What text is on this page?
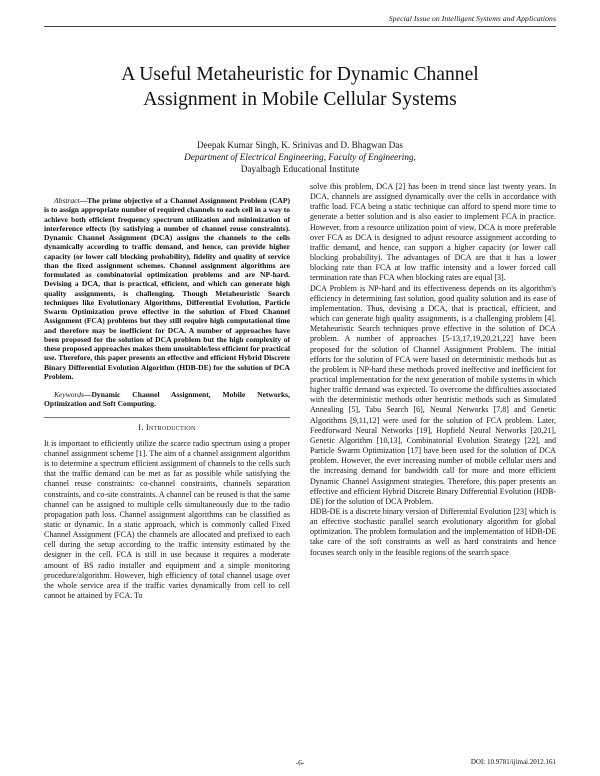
Special Issue on Intelligent Systems and Applications
A Useful Metaheuristic for Dynamic Channel
Assignment in Mobile Cellular Systems
Deepak Kumar Singh, K. Srinivas and D. Bhagwan Das
Department of Electrical Engineering, Faculty of Engineering,
Dayalbagh Educational Institute

Abstract—The prime objective of a Channel Assignment Problem (CAP) is to assign appropriate number of required channels to each cell in a way to achieve both efficient frequency spectrum utilization and minimization of interference effects (by satisfying a number of channel reuse constraints). Dynamic Channel Assignment (DCA) assigns the channels to the cells dynamically according to traffic demand, and hence, can provide higher capacity (or lower call blocking probability), fidelity and quality of service than the fixed assignment schemes. Channel assignment algorithms are formulated as combinatorial optimization problems and are NP-hard. Devising a DCA, that is practical, efficient, and which can generate high quality assignments, is challenging. Though Metaheuristic Search techniques like Evolutionary Algorithms, Differential Evolution, Particle Swarm Optimization prove effective in the solution of Fixed Channel Assignment (FCA) problems but they still require high computational time and therefore may be inefficient for DCA. A number of approaches have been proposed for the solution of DCA problem but the high complexity of these proposed approaches makes them unsuitable/less efficient for practical use. Therefore, this paper presents an effective and efficient Hybrid Discrete Binary Differential Evolution Algorithm (HDB-DE) for the solution of DCA Problem.

Keywords—Dynamic Channel Assignment, Mobile Networks, Optimization and Soft Computing.

I. Introduction

It is important to efficiently utilize the scarce radio spectrum using a proper channel assignment scheme [1]. The aim of a channel assignment algorithm is to determine a spectrum efficient assignment of channels to the cells such that the traffic demand can be met as far as possible while satisfying the channel reuse constraints: co-channel constraints, channels separation constraints, and co-site constraints. A channel can be reused is that the same channel can be assigned to multiple cells simultaneously due to the radio propagation path loss. Channel assignment algorithms can be classified as static or dynamic. In a static approach, which is commonly called Fixed Channel Assignment (FCA) the channels are allocated and prefixed to each cell during the setup according to the traffic intensity estimated by the designer in the cell. FCA is still in use because it requires a moderate amount of BS radio installer and equipment and a simple monitoring procedure/algorithm. However, high efficiency of total channel usage over the whole service area if the traffic varies dynamically from cell to cell cannot be attained by FCA. To

solve this problem, DCA [2] has been in trend since last twenty years. In DCA, channels are assigned dynamically over the cells in accordance with traffic load. FCA being a static technique can afford to spend more time to generate a better solution and is also easier to implement FCA in practice. However, from a resource utilization point of view, DCA is more preferable over FCA as DCA is designed to adjust resource assignment according to traffic demand, and hence, can support a higher capacity (or lower call blocking probability). The advantages of DCA are that it has a lower blocking rate than FCA at low traffic intensity and a lower forced call termination rate than FCA when blocking rates are equal [3].

DCA Problem is NP-hard and its effectiveness depends on its algorithm's efficiency in determining fast solution, good quality solution and its ease of implementation. Thus, devising a DCA, that is practical, efficient, and which can generate high quality assignments, is a challenging problem [4]. Metaheuristic Search techniques prove effective in the solution of DCA problem. A number of approaches [5-13,17,19,20,21,22] have been proposed for the solution of Channel Assignment Problem. The initial efforts for the solution of FCA were based on deterministic methods but as the problem is NP-hard these methods proved ineffective and inefficient for practical implementation for the next generation of mobile systems in which higher traffic demand was expected. To overcome the difficulties associated with the deterministic methods other heuristic methods such as Simulated Annealing [5], Tabu Search [6], Neural Networks [7,8] and Genetic Algorithms [9,11,12] were used for the solution of FCA problem. Later, Feedforward Neural Networks [19], Hopfield Neural Networks [20,21], Genetic Algorithm [10,13], Combinatorial Evolution Strategy [22], and Particle Swarm Optimization [17] have been used for the solution of DCA problem. However, the ever increasing number of mobile cellular users and the increasing demand for bandwidth call for more and more efficient Dynamic Channel Assignment strategies. Therefore, this paper presents an effective and efficient Hybrid Discrete Binary Differential Evolution (HDB-DE) for the solution of DCA Problem.

HDB-DE is a discrete binary version of Differential Evolution [23] which is an effective stochastic parallel search evolutionary algorithm for global optimization. The problem formulation and the implementation of HDB-DE take care of the soft constraints as well as hard constraints and hence focuses search only in the feasible regions of the search space

-6-	DOI: 10.9781/ijimai.2012.161
